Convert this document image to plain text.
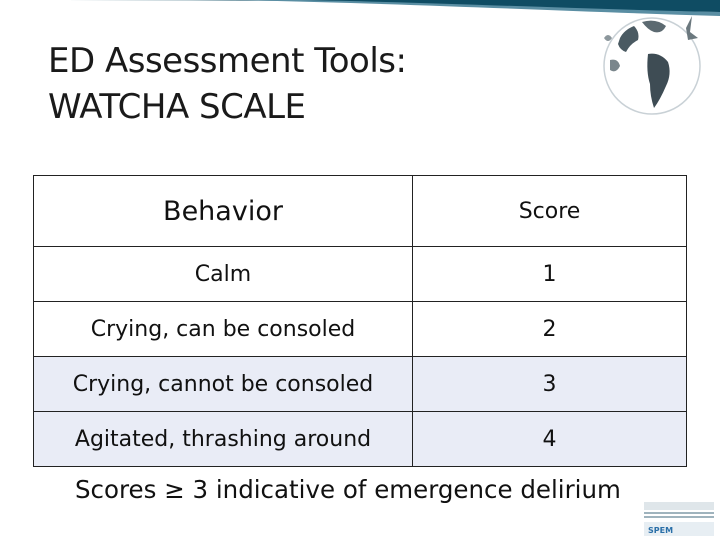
ED Assessment Tools:
WATCHA SCALE
Behavior	Score
Calm	1
Crying, can be consoled	2
Crying, cannot be consoled	3
Agitated, thrashing around	4
Scores ≥ 3 indicative of emergence delirium
SPEM
